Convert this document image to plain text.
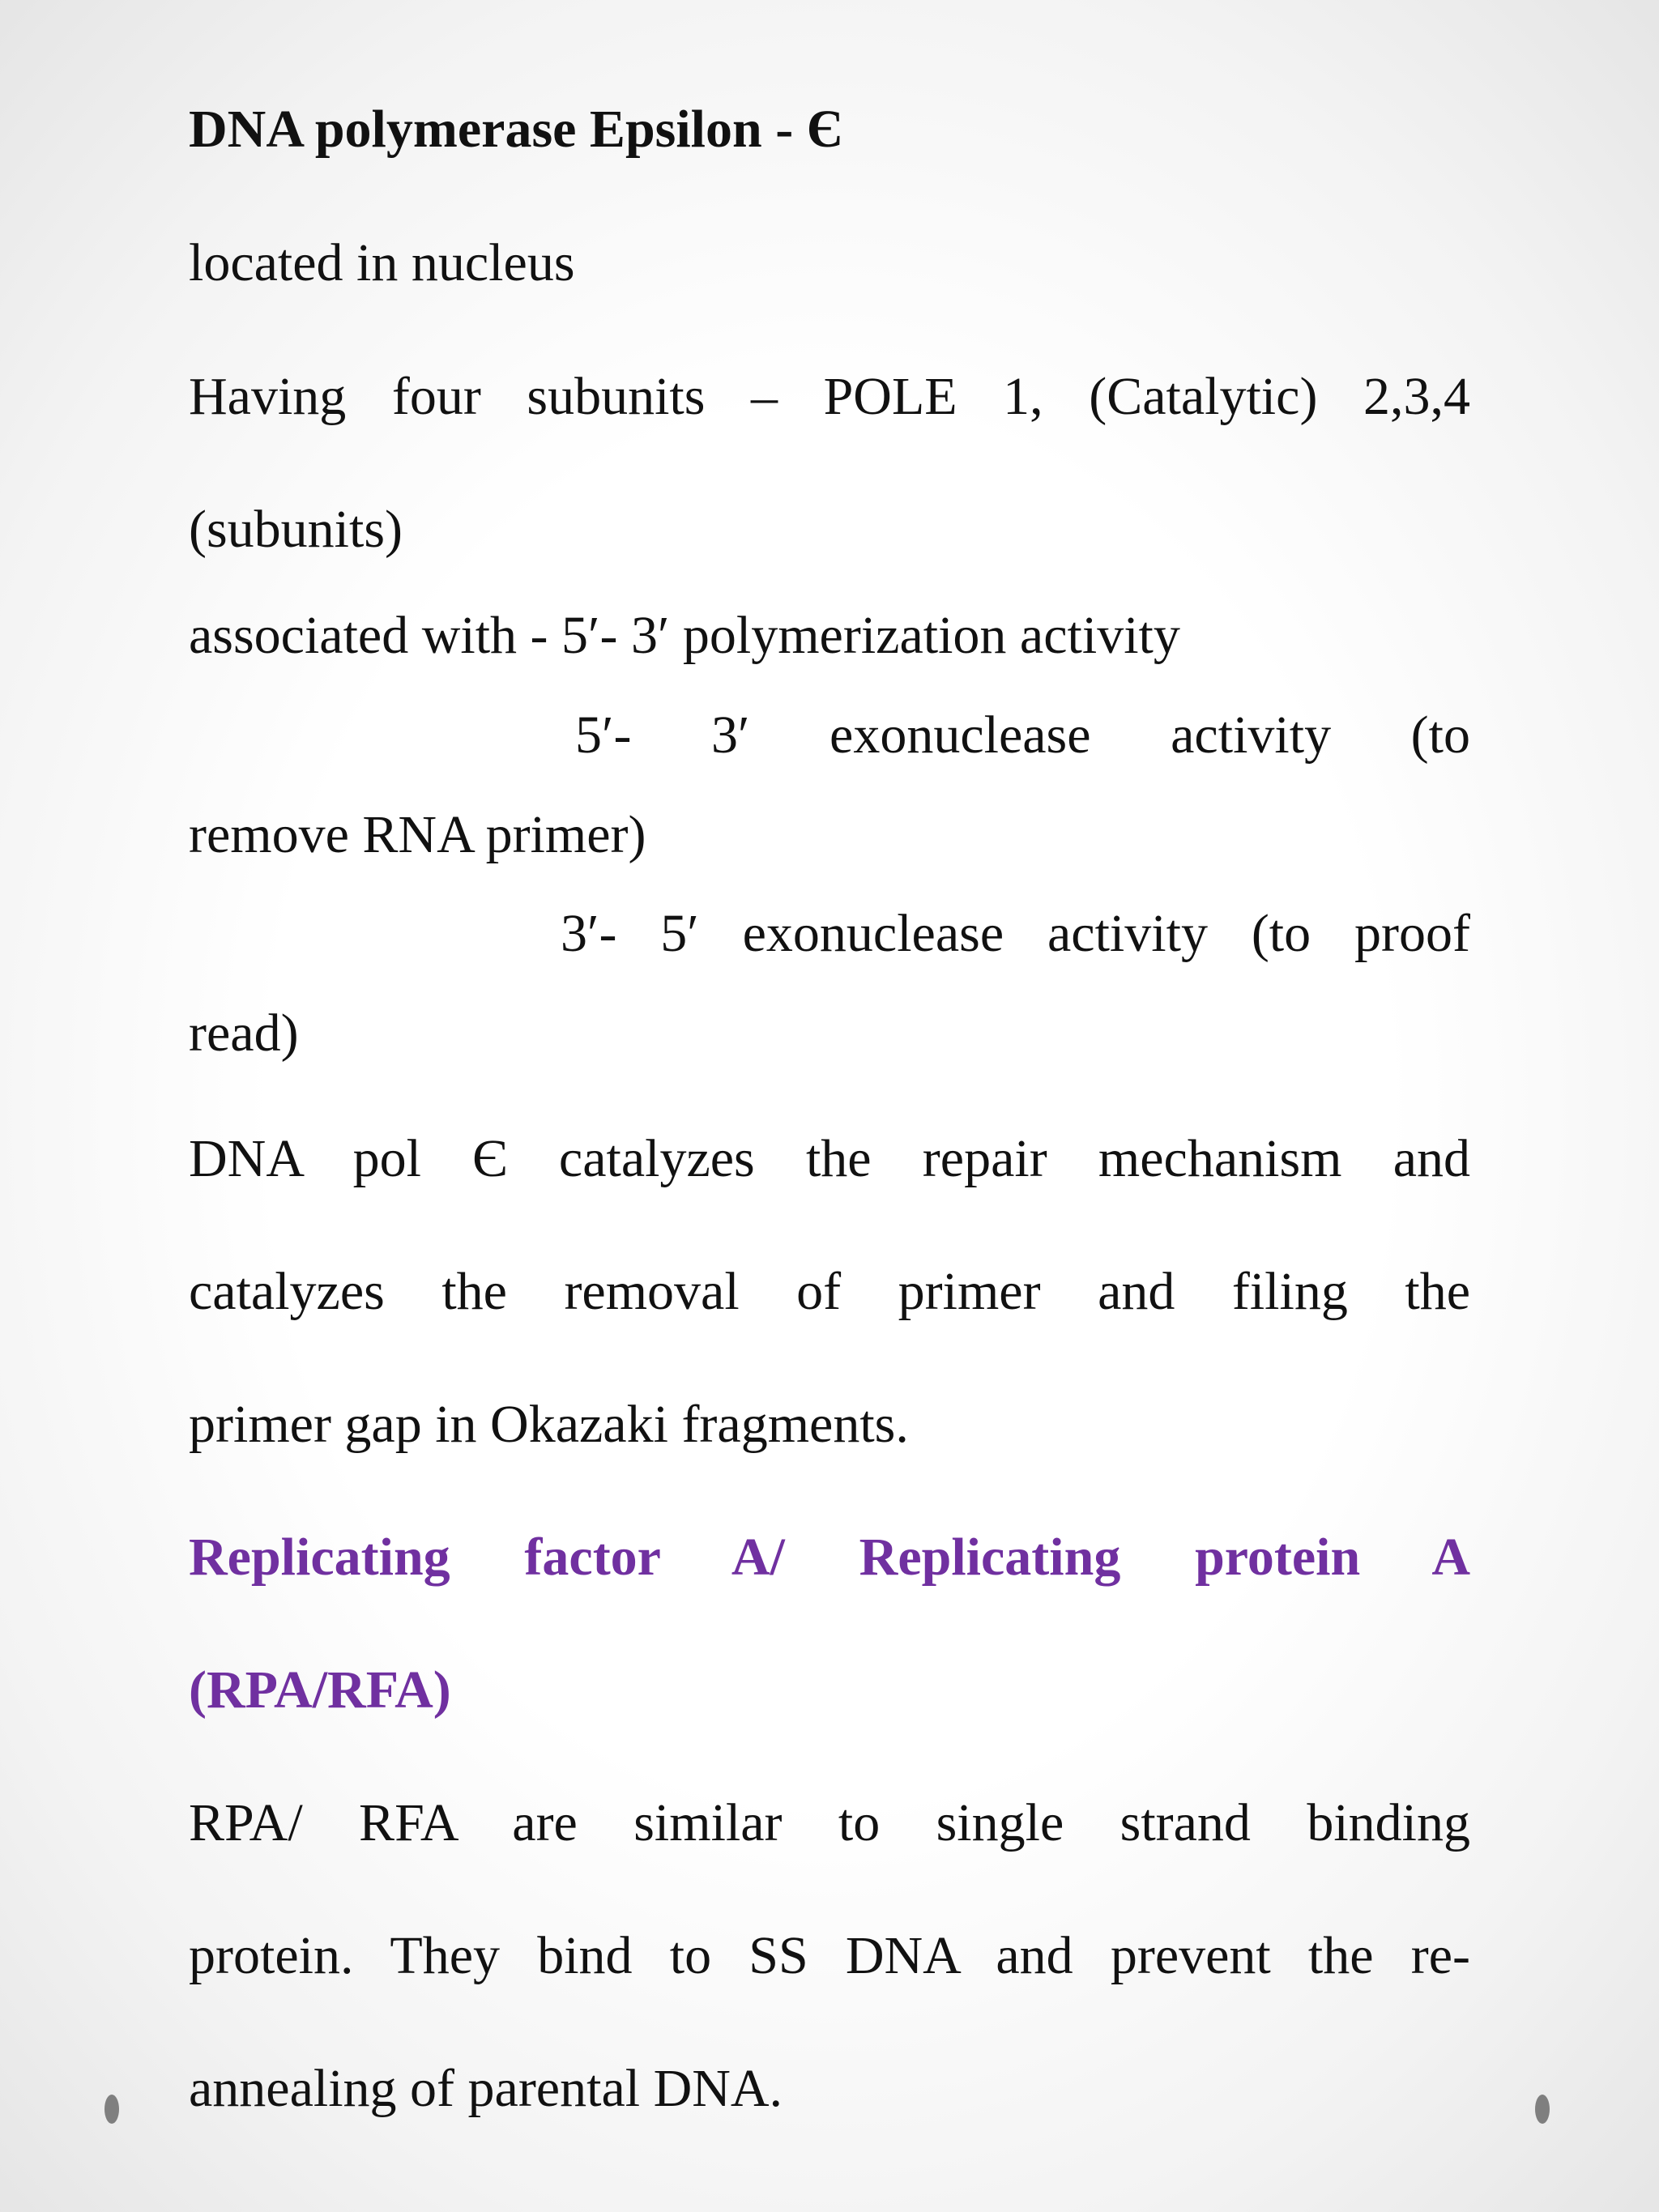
DNA polymerase Epsilon - Є
located in nucleus
Having four subunits – POLE 1, (Catalytic) 2,3,4
(subunits)
associated with - 5′- 3′ polymerization activity
5′- 3′ exonuclease activity (to
remove RNA primer)
3′- 5′ exonuclease activity (to proof
read)
DNA pol Є catalyzes the repair mechanism and
catalyzes the removal of primer and filing the
primer gap in Okazaki fragments.
Replicating factor A/ Replicating protein A
(RPA/RFA)
RPA/ RFA are similar to single strand binding
protein. They bind to SS DNA and prevent the re-
annealing of parental DNA.
